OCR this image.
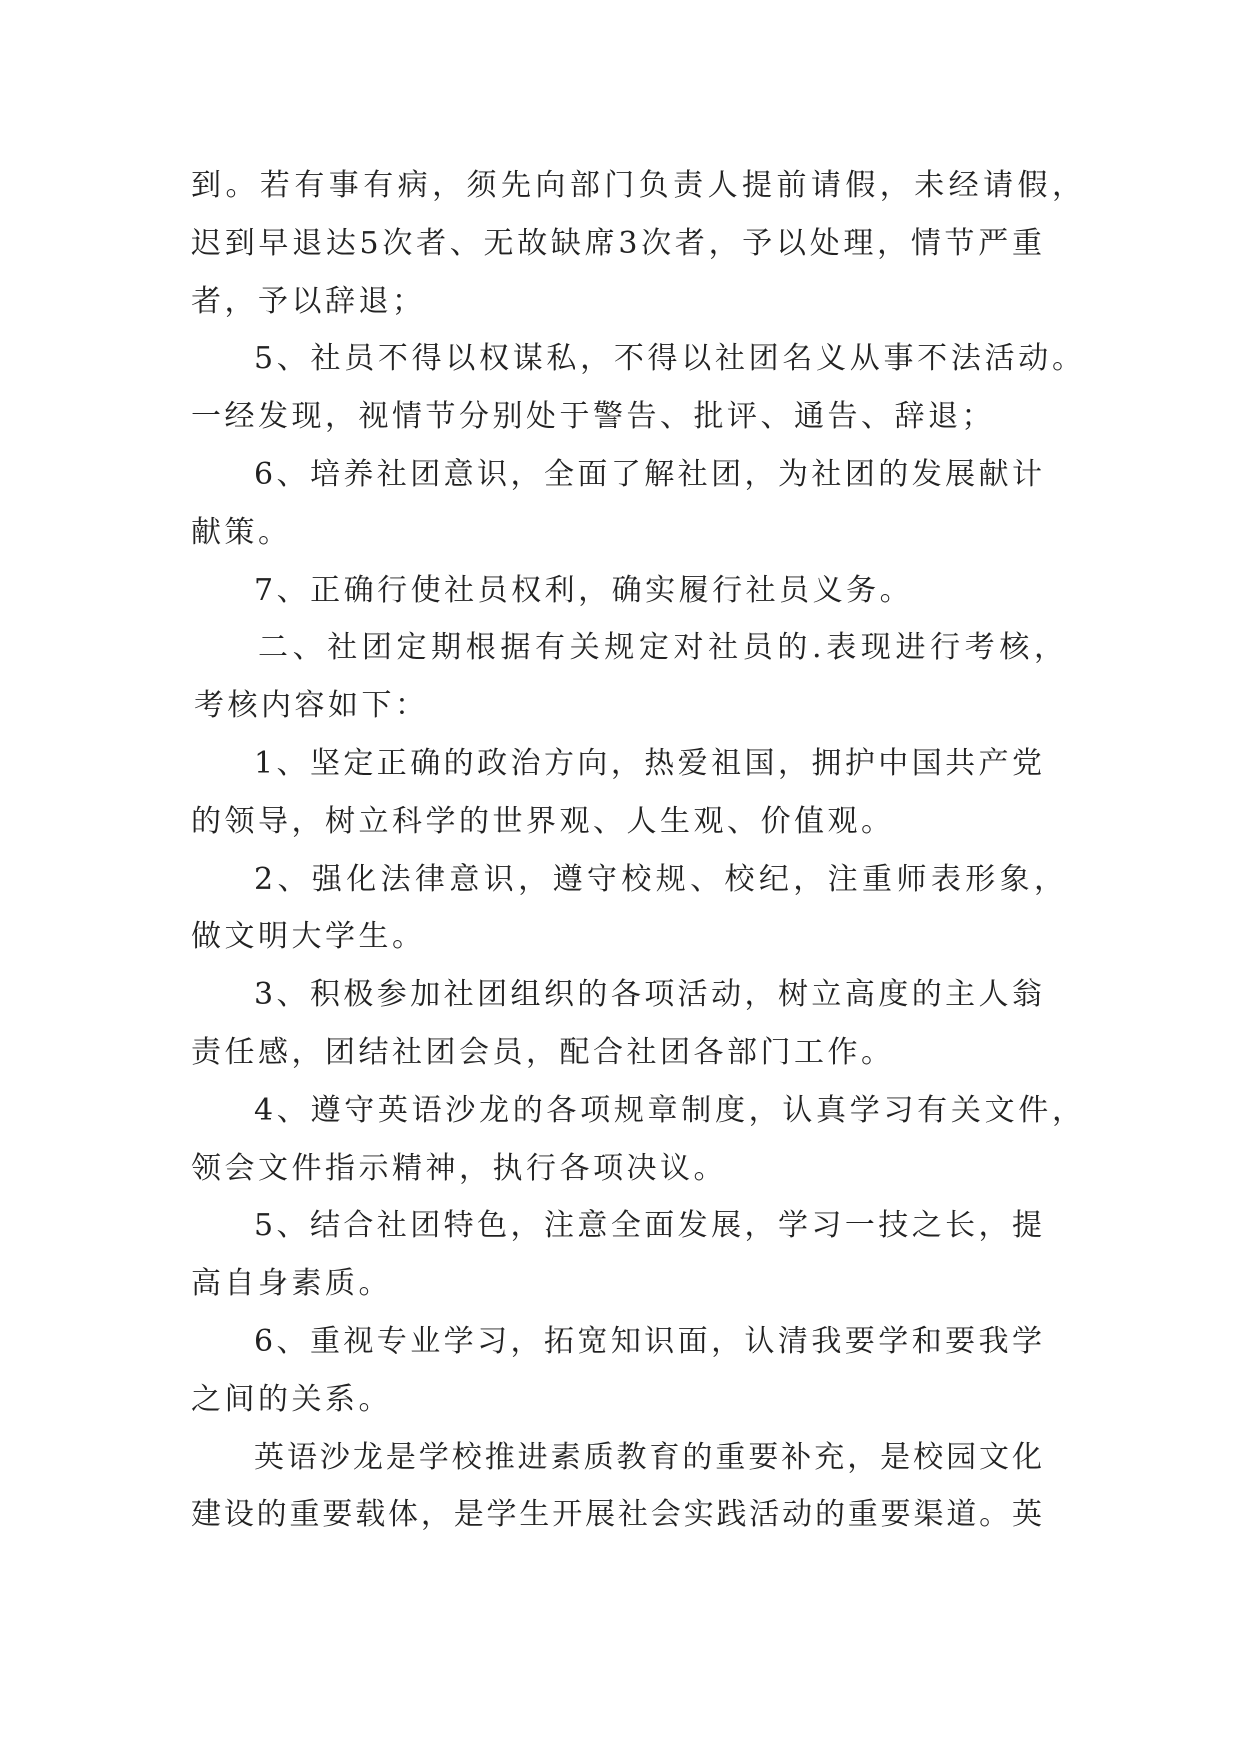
到。若有事有病，须先向部门负责人提前请假，未经请假，
迟到早退达5次者、无故缺席3次者，予以处理，情节严重
者，予以辞退；
5、社员不得以权谋私，不得以社团名义从事不法活动。
一经发现，视情节分别处于警告、批评、通告、辞退；
6、培养社团意识，全面了解社团，为社团的发展献计
献策。
7、正确行使社员权利，确实履行社员义务。
二、社团定期根据有关规定对社员的.表现进行考核，
考核内容如下：
1、坚定正确的政治方向，热爱祖国，拥护中国共产党
的领导，树立科学的世界观、人生观、价值观。
2、强化法律意识，遵守校规、校纪，注重师表形象，
做文明大学生。
3、积极参加社团组织的各项活动，树立高度的主人翁
责任感，团结社团会员，配合社团各部门工作。
4、遵守英语沙龙的各项规章制度，认真学习有关文件，
领会文件指示精神，执行各项决议。
5、结合社团特色，注意全面发展，学习一技之长，提
高自身素质。
6、重视专业学习，拓宽知识面，认清我要学和要我学
之间的关系。
英语沙龙是学校推进素质教育的重要补充，是校园文化
建设的重要载体，是学生开展社会实践活动的重要渠道。英
